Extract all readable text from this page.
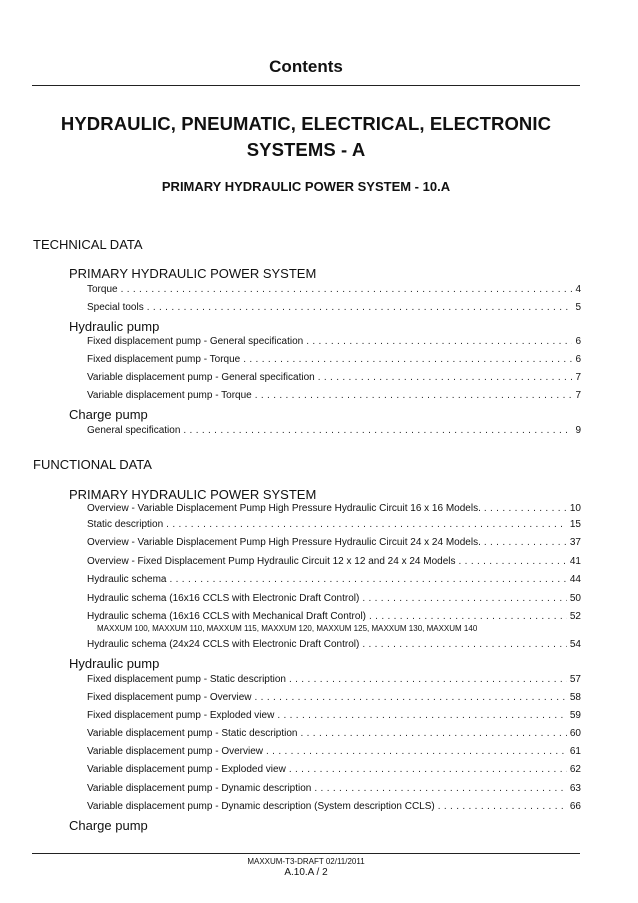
Contents
HYDRAULIC, PNEUMATIC, ELECTRICAL, ELECTRONIC
SYSTEMS - A
PRIMARY HYDRAULIC POWER SYSTEM - 10.A
TECHNICAL DATA
PRIMARY HYDRAULIC POWER SYSTEM
Torque . . .	4
Special tools . . .	5
Hydraulic pump
Fixed displacement pump - General specification . . .	6
Fixed displacement pump - Torque . . .	6
Variable displacement pump - General specification . . .	7
Variable displacement pump - Torque . . .	7
Charge pump
General specification . . .	9
FUNCTIONAL DATA
PRIMARY HYDRAULIC POWER SYSTEM
Overview - Variable Displacement Pump High Pressure Hydraulic Circuit 16 x 16 Models. . . .	10
Static description . . .	15
Overview - Variable Displacement Pump High Pressure Hydraulic Circuit 24 x 24 Models. . . .	37
Overview - Fixed Displacement Pump Hydraulic Circuit 12 x 12 and 24 x 24 Models . . .	41
Hydraulic schema . . .	44
Hydraulic schema (16x16 CCLS with Electronic Draft Control) . . .	50
Hydraulic schema (16x16 CCLS with Mechanical Draft Control) . . .	52
MAXXUM 100, MAXXUM 110, MAXXUM 115, MAXXUM 120, MAXXUM 125, MAXXUM 130, MAXXUM 140
Hydraulic schema (24x24 CCLS with Electronic Draft Control) . . .	54
Hydraulic pump
Fixed displacement pump - Static description . . .	57
Fixed displacement pump - Overview . . .	58
Fixed displacement pump - Exploded view . . .	59
Variable displacement pump - Static description . . .	60
Variable displacement pump - Overview . . .	61
Variable displacement pump - Exploded view . . .	62
Variable displacement pump - Dynamic description . . .	63
Variable displacement pump - Dynamic description (System description CCLS) . . .	66
Charge pump
MAXXUM-T3-DRAFT 02/11/2011
A.10.A / 2
